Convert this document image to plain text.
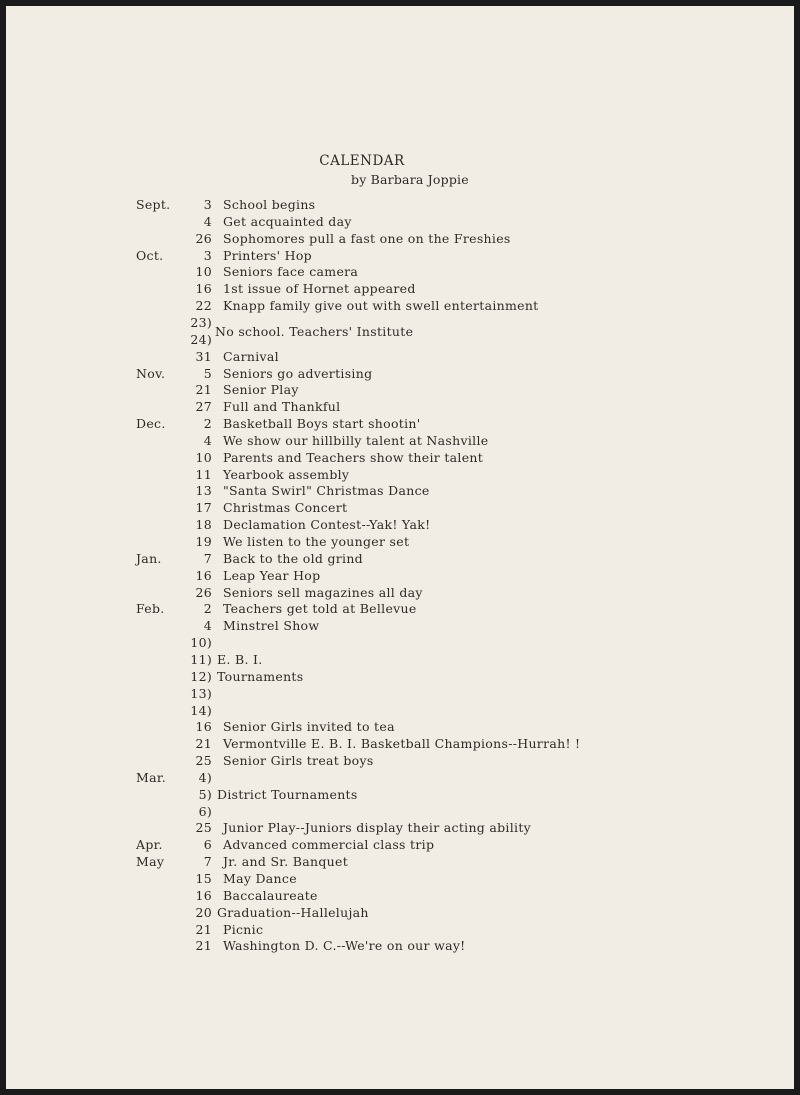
CALENDAR
by Barbara Joppie
Sept.	3 School begins
4 Get acquainted day
26 Sophomores pull a fast one on the Freshies
Oct.	3 Printers' Hop
10 Seniors face camera
16 1st issue of Hornet appeared
22 Knapp family give out with swell entertainment
23)
24)
No school. Teachers' Institute
31 Carnival
Nov.	5 Seniors go advertising
21 Senior Play
27 Full and Thankful
Dec.	2 Basketball Boys start shootin'
4 We show our hillbilly talent at Nashville
10 Parents and Teachers show their talent
11 Yearbook assembly
13 "Santa Swirl" Christmas Dance
17 Christmas Concert
18 Declamation Contest--Yak! Yak!
19 We listen to the younger set
Jan.	7 Back to the old grind
16 Leap Year Hop
26 Seniors sell magazines all day
Feb.	2 Teachers get told at Bellevue
4 Minstrel Show
10)
11) E. B. I.
12) Tournaments
13)
14)
16 Senior Girls invited to tea
21 Vermontville E. B. I. Basketball Champions--Hurrah! !
25 Senior Girls treat boys
Mar.	4)
5) District Tournaments
6)
25 Junior Play--Juniors display their acting ability
Apr.	6 Advanced commercial class trip
May	7 Jr. and Sr. Banquet
15 May Dance
16 Baccalaureate
20 Graduation--Hallelujah
21 Picnic
21 Washington D. C.--We're on our way!
